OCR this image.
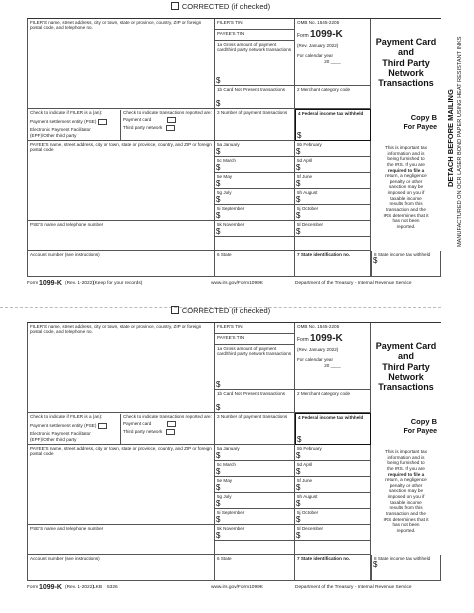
DETACH BEFORE MAILING MANUFACTURED ON OCR LASER BOND PAPER USING HEAT RESISTANT INKS
CORRECTED (if checked)
FILER'S name, street address, city or town, state or province, country, ZIP or foreign postal code, and telephone no.
FILER'S TIN
PAYEE'S TIN
1a Gross amount of payment card/third party network transactions
$
1b Card Not Present transactions
$
OMB No. 1545-2205
Form 1099-K
(Rev. January 2022)
For calendar year
20 ____
2 Merchant category code
Check to indicate if FILER is a (an):
Payment settlement entity (PSE)
Electronic Payment Facilitator (EPF)/Other third party
Check to indicate transactions reported are:
Payment card
Third party network
3 Number of payment transactions	4 Federal income tax withheld
$
PAYEE'S name, street address, city or town, state or province, country, and ZIP or foreign postal code
5a January
$
5b February
$
5c March
$
5d April
$
5e May
$
5f June
$
5g July
$
5h August
$
5i September
$
5j October
$
PSE'S name and telephone number	5k November
$
5l December
$
Account number (see instructions)	6 State	7 State identification no.
Payment Card and
Third Party
Network
Transactions
Copy B
For Payee
This is important tax
information and is
being furnished to
the IRS. If you are
required to file a
return, a negligence
penalty or other
sanction may be
imposed on you if
taxable income
results from this
transaction and the
IRS determines that it
has not been
reported.
8 State income tax withheld
$
Form 1099-K (Rev. 1-2022) (Keep for your records)	www.irs.gov/Form1099K	Department of the Treasury - Internal Revenue Service
CORRECTED (if checked)
FILER'S name, street address, city or town, state or province, country, ZIP or foreign postal code, and telephone no.
FILER'S TIN
PAYEE'S TIN
1a Gross amount of payment card/third party network transactions
$
1b Card Not Present transactions
$
OMB No. 1545-2205
Form 1099-K
(Rev. January 2022)
For calendar year
20 ____
2 Merchant category code
Check to indicate if FILER is a (an):
Payment settlement entity (PSE)
Electronic Payment Facilitator (EPF)/Other third party
Check to indicate transactions reported are:
Payment card
Third party network
3 Number of payment transactions	4 Federal income tax withheld
$
PAYEE'S name, street address, city or town, state or province, country, and ZIP or foreign postal code
5a January
$
5b February
$
5c March
$
5d April
$
5e May
$
5f June
$
5g July
$
5h August
$
5i September
$
5j October
$
PSE'S name and telephone number	5k November
$
5l December
$
Account number (see instructions)	6 State	7 State identification no.
Payment Card and
Third Party
Network
Transactions
Copy B
For Payee
This is important tax
information and is
being furnished to
the IRS. If you are
required to file a
return, a negligence
penalty or other
sanction may be
imposed on you if
taxable income
results from this
transaction and the
IRS determines that it
has not been
reported.
8 State income tax withheld
$
Form 1099-K (Rev. 1-2022) LKB 5326	www.irs.gov/Form1099K	Department of the Treasury - Internal Revenue Service
